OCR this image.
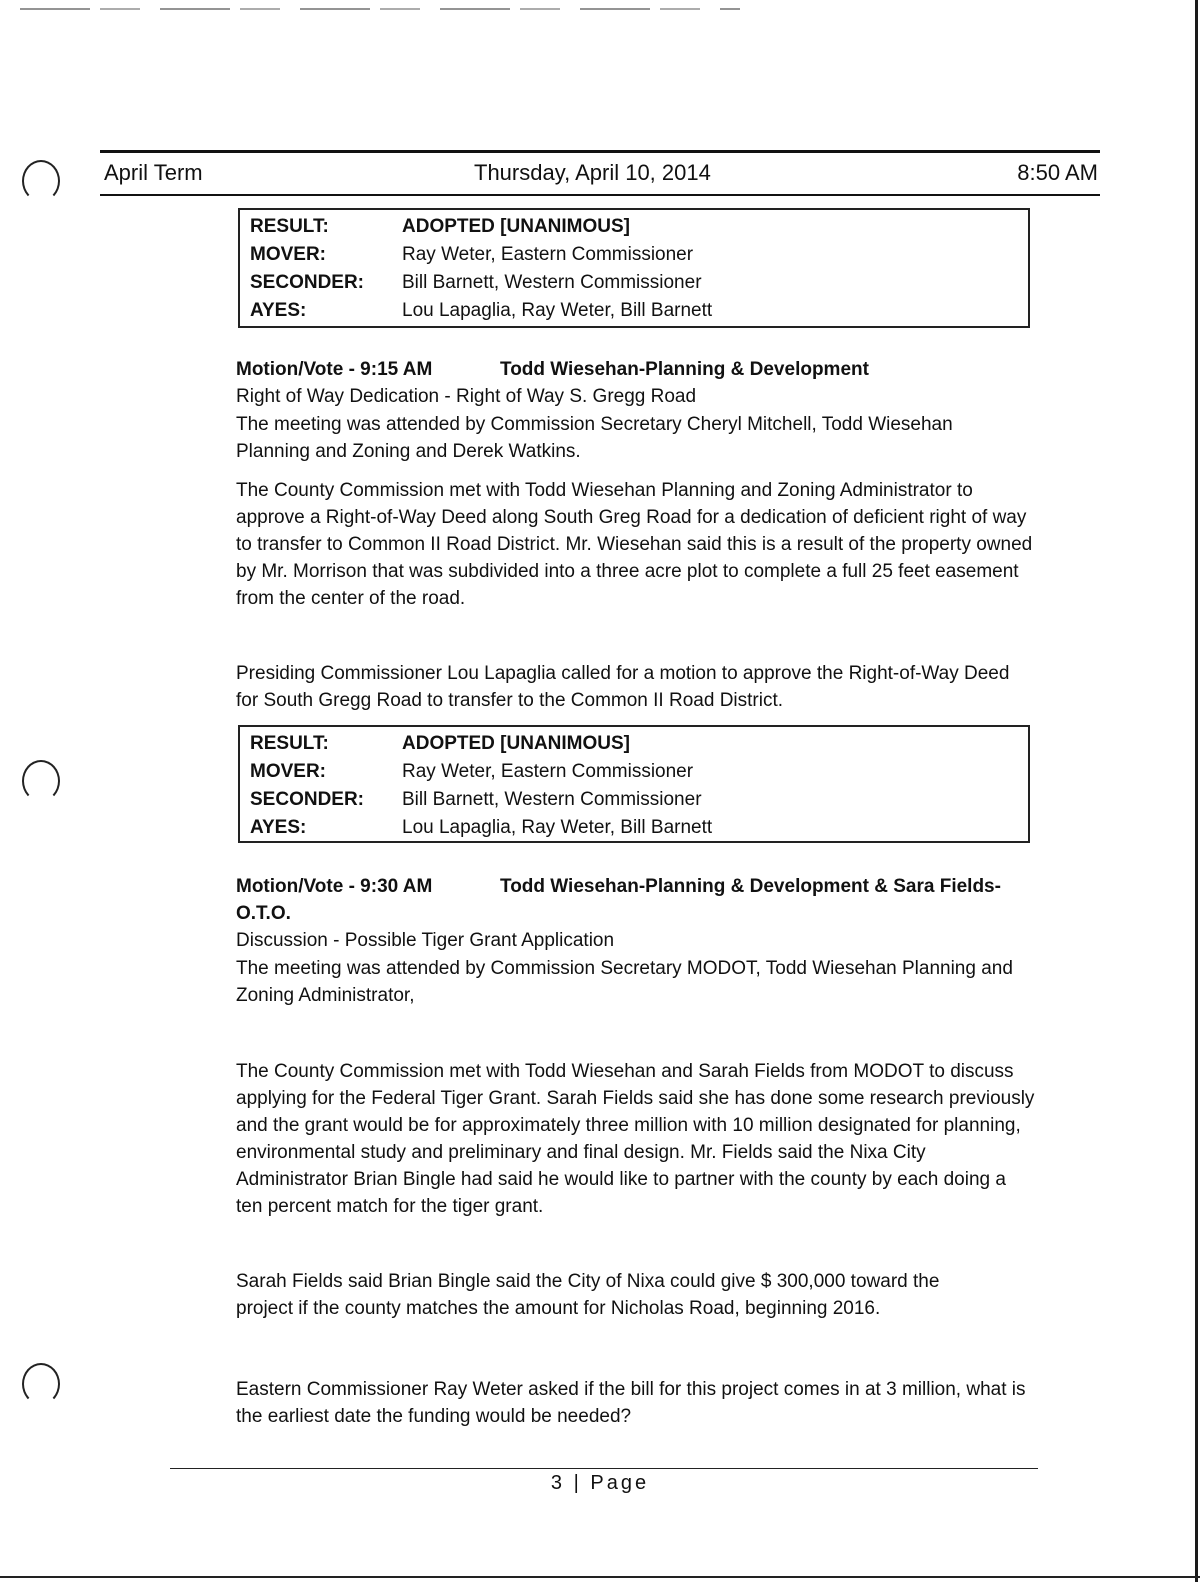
April Term	Thursday, April 10, 2014	8:50 AM
RESULT:	ADOPTED [UNANIMOUS]
MOVER:	Ray Weter, Eastern Commissioner
SECONDER: Bill Barnett, Western Commissioner
AYES:	Lou Lapaglia, Ray Weter, Bill Barnett
Motion/Vote - 9:15 AM	Todd Wiesehan-Planning & Development
Right of Way Dedication - Right of Way S. Gregg Road

The meeting was attended by Commission Secretary Cheryl Mitchell, Todd Wiesehan Planning and Zoning and Derek Watkins.

The County Commission met with Todd Wiesehan Planning and Zoning Administrator to approve a Right-of-Way Deed along South Greg Road for a dedication of deficient right of way to transfer to Common II Road District. Mr. Wiesehan said this is a result of the property owned by Mr. Morrison that was subdivided into a three acre plot to complete a full 25 feet easement from the center of the road.

Presiding Commissioner Lou Lapaglia called for a motion to approve the Right-of-Way Deed for South Gregg Road to transfer to the Common II Road District.

RESULT:	ADOPTED [UNANIMOUS]
MOVER:	Ray Weter, Eastern Commissioner
SECONDER: Bill Barnett, Western Commissioner
AYES:	Lou Lapaglia, Ray Weter, Bill Barnett
Motion/Vote - 9:30 AM	Todd Wiesehan-Planning & Development & Sara Fields-
O.T.O.
Discussion - Possible Tiger Grant Application

The meeting was attended by Commission Secretary MODOT, Todd Wiesehan Planning and Zoning Administrator,

The County Commission met with Todd Wiesehan and Sarah Fields from MODOT to discuss applying for the Federal Tiger Grant. Sarah Fields said she has done some research previously and the grant would be for approximately three million with 10 million designated for planning, environmental study and preliminary and final design. Mr. Fields said the Nixa City Administrator Brian Bingle had said he would like to partner with the county by each doing a ten percent match for the tiger grant.

Sarah Fields said Brian Bingle said the City of Nixa could give $ 300,000 toward the project if the county matches the amount for Nicholas Road, beginning 2016.

Eastern Commissioner Ray Weter asked if the bill for this project comes in at 3 million, what is the earliest date the funding would be needed?

3 | Page
